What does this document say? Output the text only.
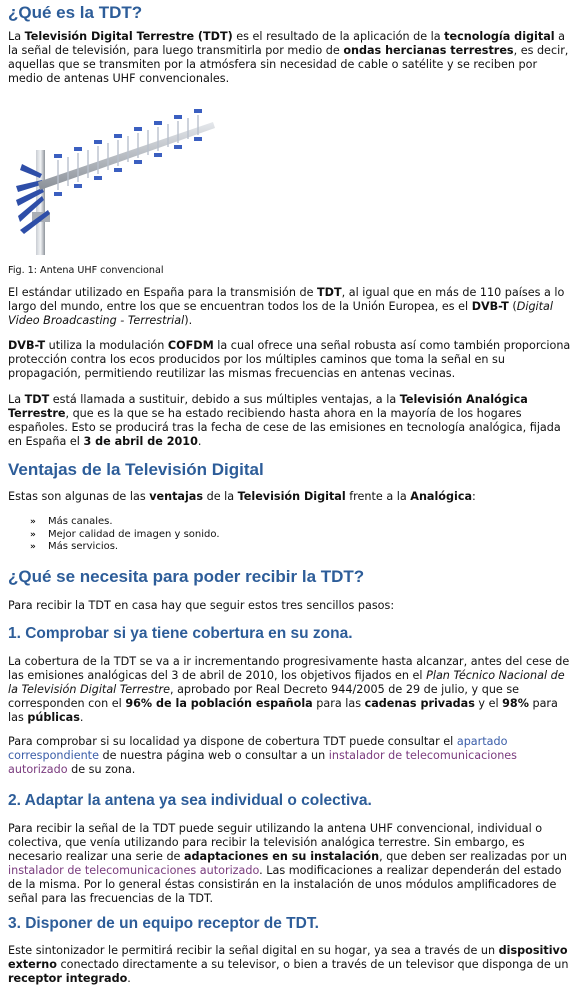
¿Qué es la TDT?

La Televisión Digital Terrestre (TDT) es el resultado de la aplicación de la tecnología digital a la señal de televisión, para luego transmitirla por medio de ondas hercianas terrestres, es decir, aquellas que se transmiten por la atmósfera sin necesidad de cable o satélite y se reciben por medio de antenas UHF convencionales.

Fig. 1: Antena UHF convencional

El estándar utilizado en España para la transmisión de TDT, al igual que en más de 110 países a lo largo del mundo, entre los que se encuentran todos los de la Unión Europea, es el DVB-T (Digital Video Broadcasting - Terrestrial).

DVB-T utiliza la modulación COFDM la cual ofrece una señal robusta así como también proporciona protección contra los ecos producidos por los múltiples caminos que toma la señal en su propagación, permitiendo reutilizar las mismas frecuencias en antenas vecinas.

La TDT está llamada a sustituir, debido a sus múltiples ventajas, a la Televisión Analógica Terrestre, que es la que se ha estado recibiendo hasta ahora en la mayoría de los hogares españoles. Esto se producirá tras la fecha de cese de las emisiones en tecnología analógica, fijada en España el 3 de abril de 2010.

Ventajas de la Televisión Digital

Estas son algunas de las ventajas de la Televisión Digital frente a la Analógica:

» Más canales.
» Mejor calidad de imagen y sonido.
» Más servicios.
¿Qué se necesita para poder recibir la TDT?

Para recibir la TDT en casa hay que seguir estos tres sencillos pasos:

1. Comprobar si ya tiene cobertura en su zona.

La cobertura de la TDT se va a ir incrementando progresivamente hasta alcanzar, antes del cese de las emisiones analógicas del 3 de abril de 2010, los objetivos fijados en el Plan Técnico Nacional de la Televisión Digital Terrestre, aprobado por Real Decreto 944/2005 de 29 de julio, y que se corresponden con el 96% de la población española para las cadenas privadas y el 98% para las públicas.

Para comprobar si su localidad ya dispone de cobertura TDT puede consultar el apartado correspondiente de nuestra página web o consultar a un instalador de telecomunicaciones autorizado de su zona.

2. Adaptar la antena ya sea individual o colectiva.

Para recibir la señal de la TDT puede seguir utilizando la antena UHF convencional, individual o colectiva, que venía utilizando para recibir la televisión analógica terrestre. Sin embargo, es necesario realizar una serie de adaptaciones en su instalación, que deben ser realizadas por un instalador de telecomunicaciones autorizado. Las modificaciones a realizar dependerán del estado de la misma. Por lo general éstas consistirán en la instalación de unos módulos amplificadores de señal para las frecuencias de la TDT.

3. Disponer de un equipo receptor de TDT.

Este sintonizador le permitirá recibir la señal digital en su hogar, ya sea a través de un dispositivo externo conectado directamente a su televisor, o bien a través de un televisor que disponga de un receptor integrado.
